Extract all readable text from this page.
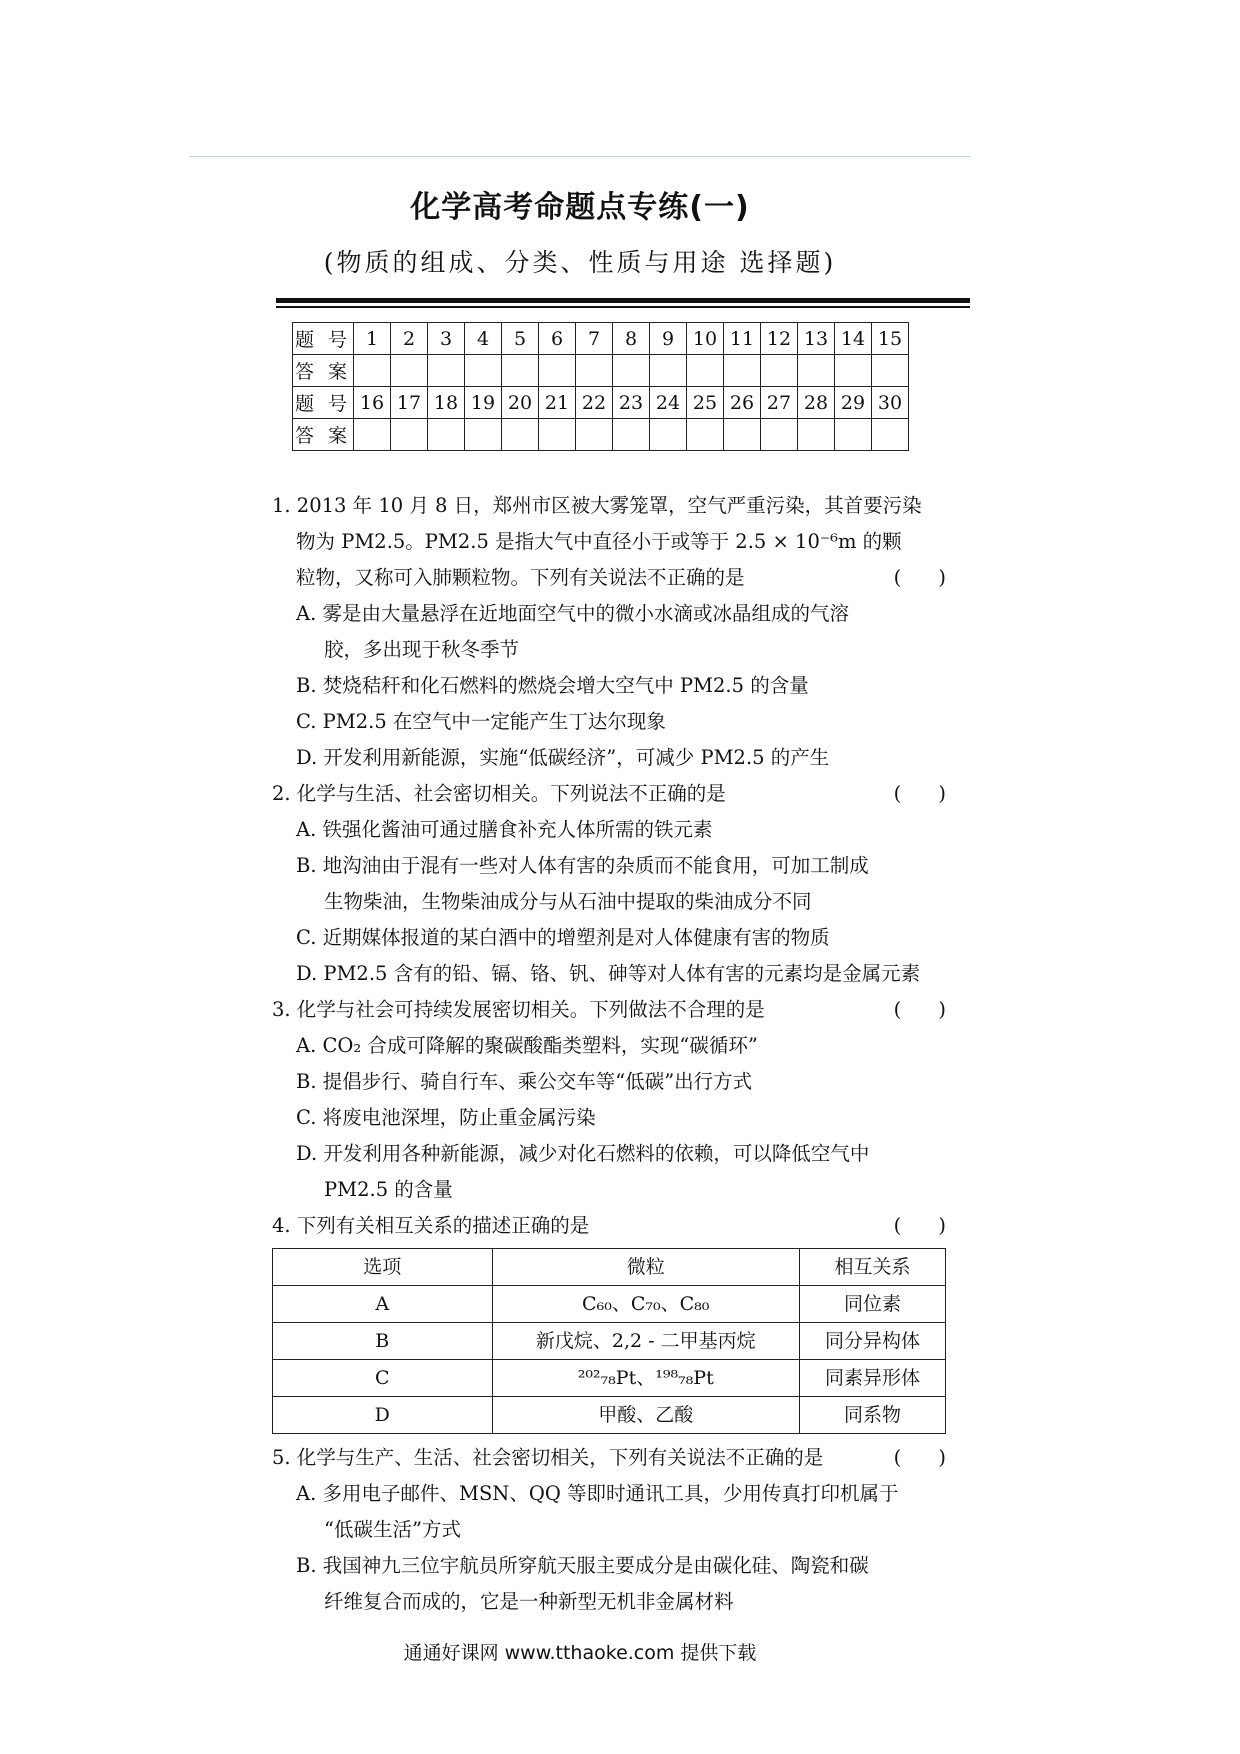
化学高考命题点专练(一)
(物质的组成、分类、性质与用途 选择题)
题 号	1	2	3	4	5	6	7	8	9	10	11	12	13	14	15
答 案															
题 号	16	17	18	19	20	21	22	23	24	25	26	27	28	29	30
答 案															
1. 2013 年 10 月 8 日，郑州市区被大雾笼罩，空气严重污染，其首要污染
物为 PM2.5。PM2.5 是指大气中直径小于或等于 2.5 × 10⁻⁶m 的颗
粒物，又称可入肺颗粒物。下列有关说法不正确的是	(      )
A. 雾是由大量悬浮在近地面空气中的微小水滴或冰晶组成的气溶
胶，多出现于秋冬季节
B. 焚烧秸秆和化石燃料的燃烧会增大空气中 PM2.5 的含量
C. PM2.5 在空气中一定能产生丁达尔现象
D. 开发利用新能源，实施“低碳经济”，可减少 PM2.5 的产生
2. 化学与生活、社会密切相关。下列说法不正确的是	(      )
A. 铁强化酱油可通过膳食补充人体所需的铁元素
B. 地沟油由于混有一些对人体有害的杂质而不能食用，可加工制成
生物柴油，生物柴油成分与从石油中提取的柴油成分不同
C. 近期媒体报道的某白酒中的增塑剂是对人体健康有害的物质
D. PM2.5 含有的铅、镉、铬、钒、砷等对人体有害的元素均是金属元素
3. 化学与社会可持续发展密切相关。下列做法不合理的是	(      )
A. CO₂ 合成可降解的聚碳酸酯类塑料，实现“碳循环”
B. 提倡步行、骑自行车、乘公交车等“低碳”出行方式
C. 将废电池深埋，防止重金属污染
D. 开发利用各种新能源，减少对化石燃料的依赖，可以降低空气中
PM2.5 的含量
4. 下列有关相互关系的描述正确的是	(      )
选项	微粒	相互关系
A	C₆₀、C₇₀、C₈₀	同位素
B	新戊烷、2,2 - 二甲基丙烷	同分异构体
C	²⁰²₇₈Pt、¹⁹⁸₇₈Pt	同素异形体
D	甲酸、乙酸	同系物
5. 化学与生产、生活、社会密切相关，下列有关说法不正确的是	(      )
A. 多用电子邮件、MSN、QQ 等即时通讯工具，少用传真打印机属于
“低碳生活”方式
B. 我国神九三位宇航员所穿航天服主要成分是由碳化硅、陶瓷和碳
纤维复合而成的，它是一种新型无机非金属材料
通通好课网 www.tthaoke.com 提供下载
